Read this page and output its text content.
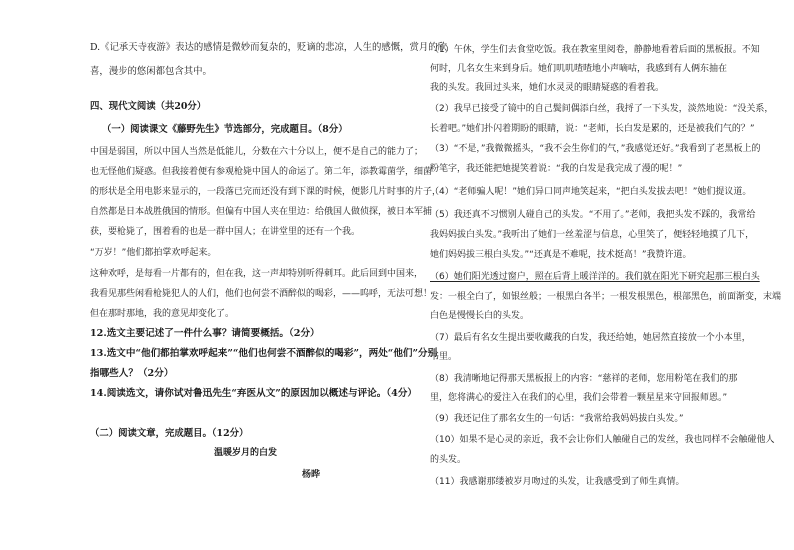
D.《记承天寺夜游》表达的感情是微妙而复杂的，贬谪的悲凉，人生的感慨，赏月的欣
喜，漫步的悠闲都包含其中。
四、现代文阅读（共20分）
（一）阅读课文《藤野先生》节选部分，完成题目。（8分）
中国是弱国，所以中国人当然是低能儿，分数在六十分以上，便不是自己的能力了；
也无怪他们疑惑。但我接着便有参观枪毙中国人的命运了。第二年，添教霉菌学，细菌
的形状是全用电影来显示的，一段落已完而还没有到下课的时候，便影几片时事的片子，
自然都是日本战胜俄国的情形。但偏有中国人夹在里边：给俄国人做侦探，被日本军捕
获，要枪毙了，围着看的也是一群中国人；在讲堂里的还有一个我。
“万岁！”他们都拍掌欢呼起来。
这种欢呼，是每看一片都有的，但在我，这一声却特别听得刺耳。此后回到中国来，
我看见那些闲看枪毙犯人的人们，他们也何尝不酒醉似的喝彩，——呜呼，无法可想！
但在那时那地，我的意见却变化了。
12.选文主要记述了一件什么事？请简要概括。（2分）
13.选文中“他们都拍掌欢呼起来”“他们也何尝不酒醉似的喝彩”，两处“他们”分别
指哪些人？（2分）
14.阅读选文，请你试对鲁迅先生“弃医从文”的原因加以概述与评论。（4分）
（二）阅读文章，完成题目。（12分）
温暖岁月的白发
杨晔
（1）午休，学生们去食堂吃饭。我在教室里阅卷，静静地看着后面的黑板报。不知
何时，几名女生来到身后。她们叽叽喳喳地小声嘀咕，我感到有人俩东抽在
我的头发。我回过头来，她们水灵灵的眼睛疑惑的看着我。
（2）我早已接受了镜中的自己鬓间偶添白丝，我捋了一下头发，淡然地说：“没关系，
长着吧。”她们扑闪着期盼的眼睛，说：“老师，长白发是累的，还是被我们气的？”
（3）“不是，”我微微摇头，“我不会生你们的气，”我感觉还好。”我看到了老黑板上的
粉笔字，我还能把她提笑着说：“我的白发是我完成了漫的呢！”
（4）“老师骗人呢！”她们异口同声地笑起来，“把白头发拔去吧！”她们提议道。
（5）我还真不习惯别人碰自己的头发。“不用了。”老师，我把头发不踩的，我常给
我妈妈拔白头发。”我听出了她们一丝羞涩与信息，心里笑了，便轻轻地摸了几下，
她们妈妈拔三根白头发。”“还真是不难呢，技术挺高！”我赞许道。
（6）她们阳光透过窗户，照在后背上暖洋洋的。我们就在阳光下研究起那三根白头
发：一根全白了，如银丝般；一根黑白各半；一根发根黑色，根部黑色，前面渐变，末端
白色是慢慢长白的头发。
（7）最后有名女生提出要收藏我的白发，我还给她，她居然直接放一个小本里，
书里。
（8）我清晰地记得那天黑板报上的内容：“慈祥的老师，您用粉笔在我们的那
里，您将满心的爱注入在我们的心里，我们会带着一颗星星来守回报师恩。”
（9）我还记住了那名女生的一句话：“我常给我妈妈拔白头发。”
（10）如果不是心灵的亲近，我不会让你们人触碰自己的发丝，我也同样不会触碰他人
的头发。
（11）我感谢那缕被岁月吻过的头发，让我感受到了师生真情。
